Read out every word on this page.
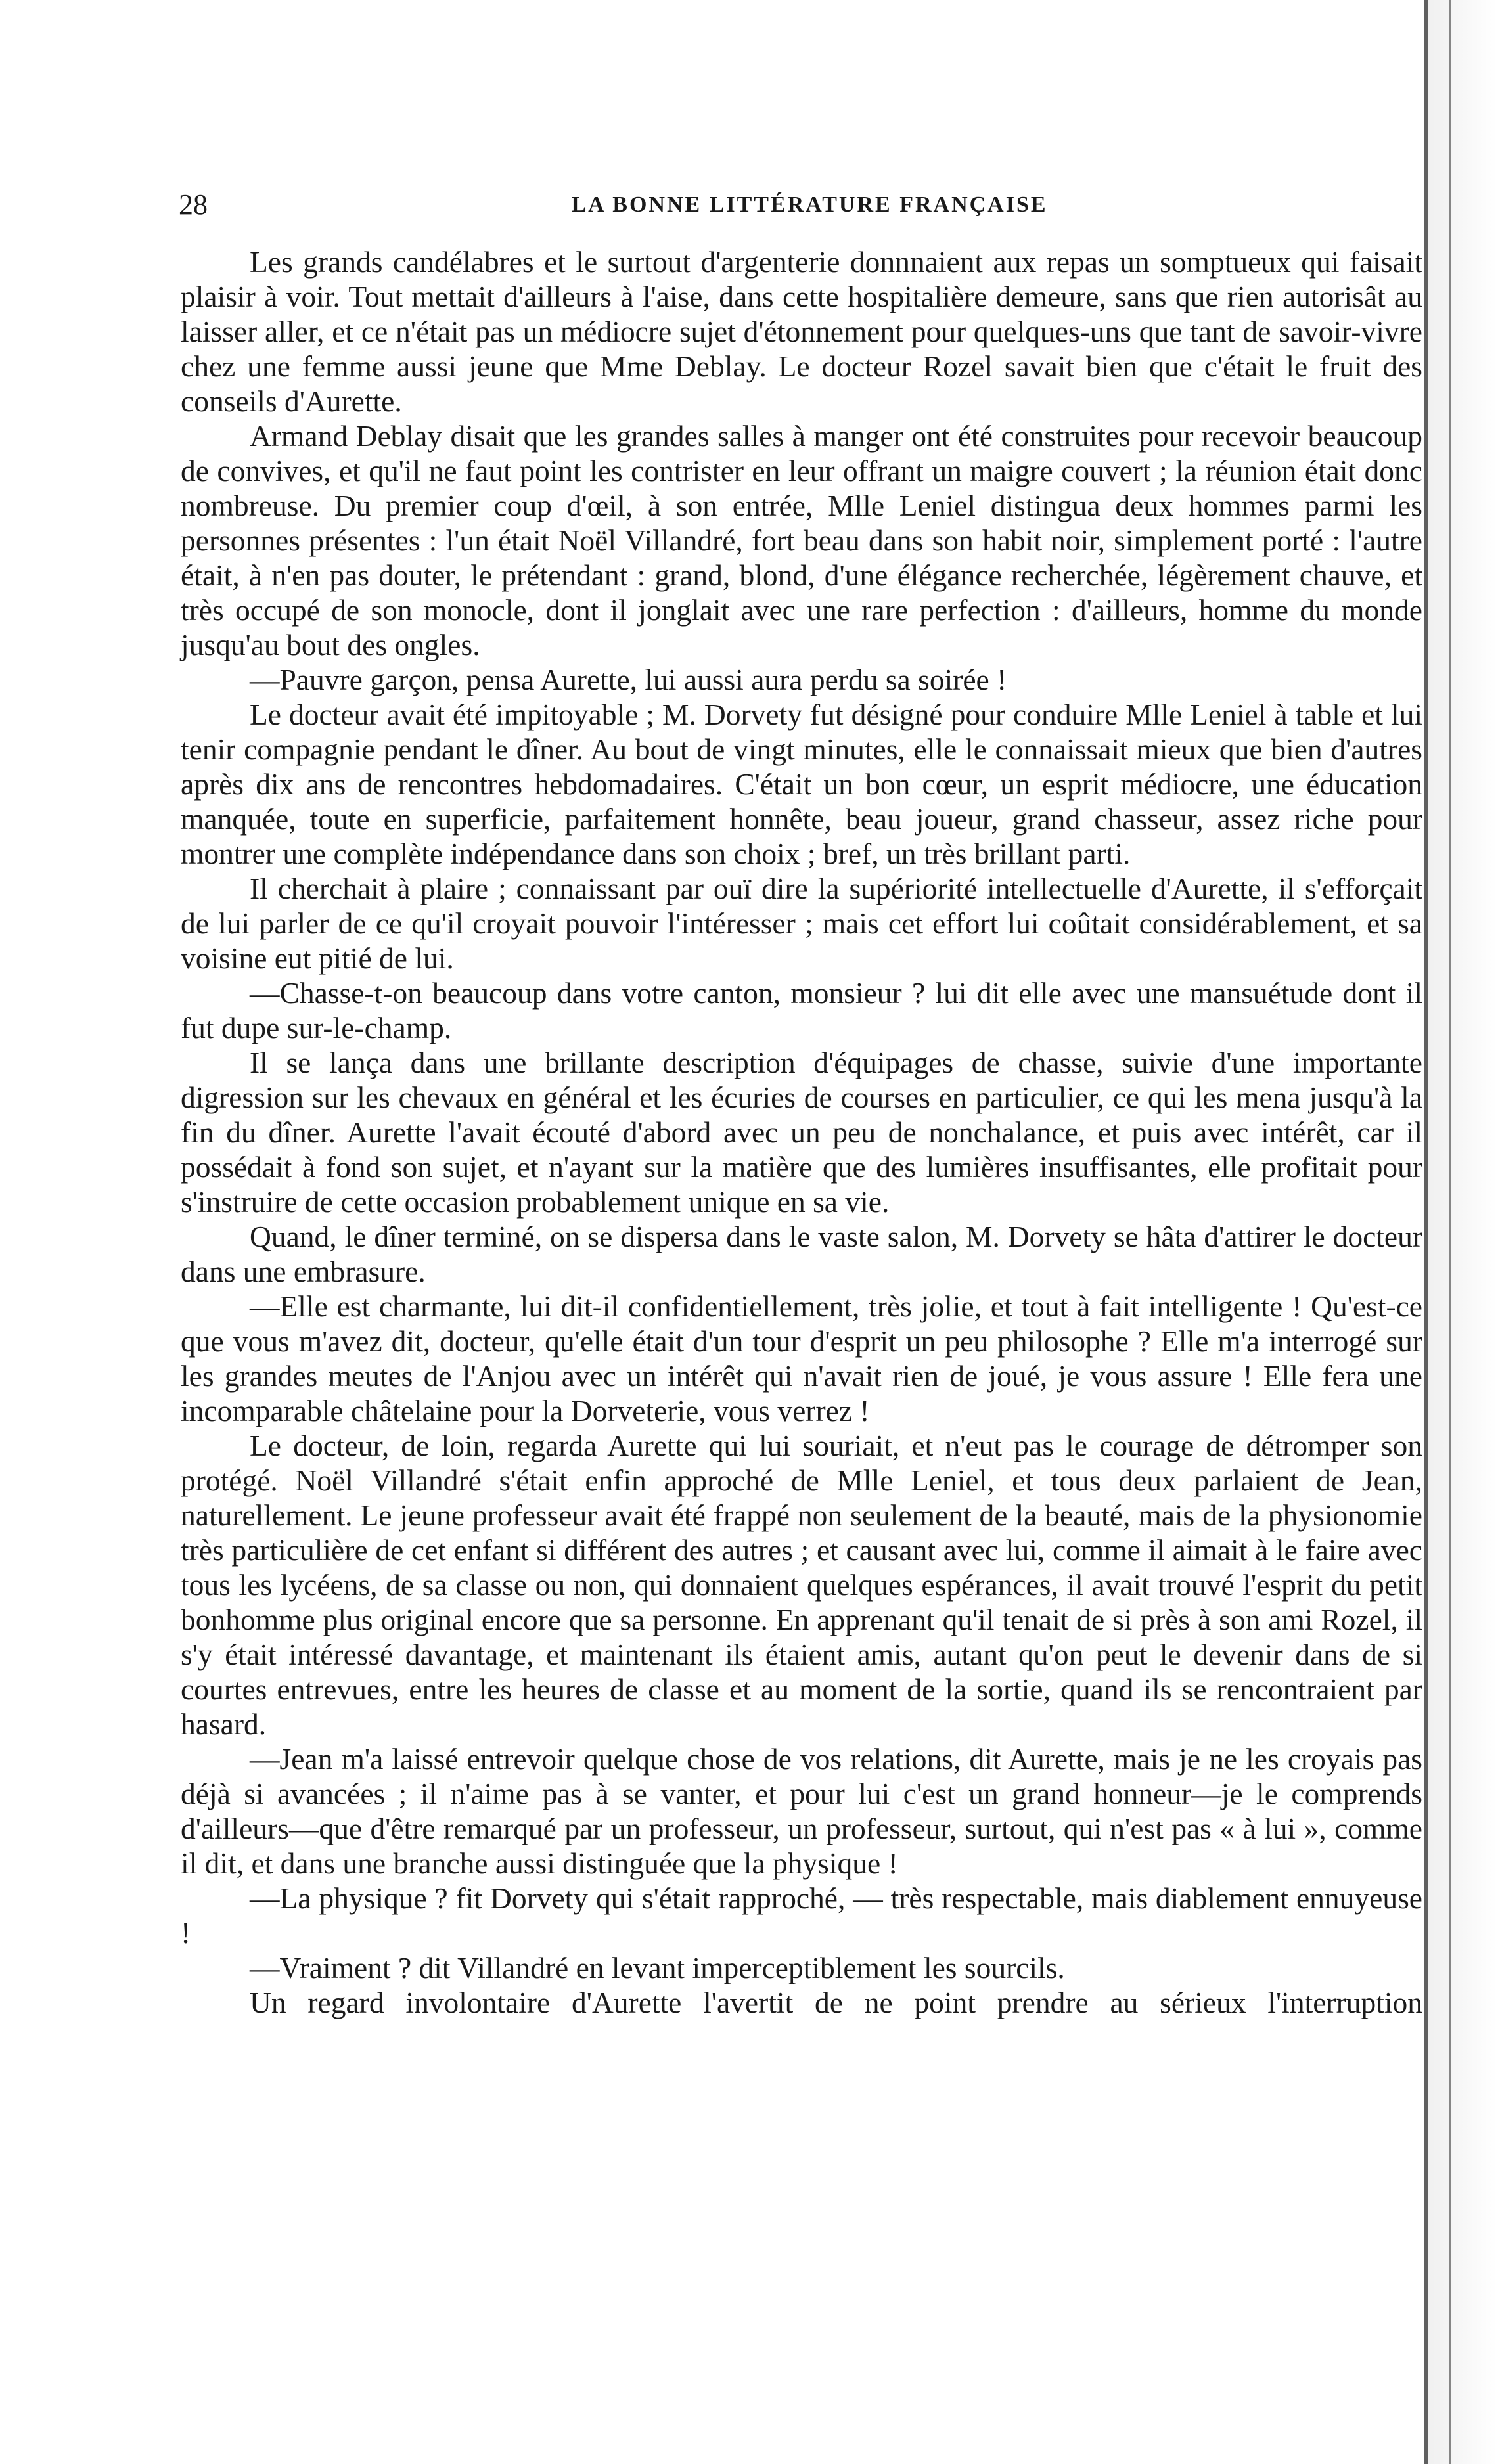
28	LA BONNE LITTÉRATURE FRANÇAISE

Les grands candélabres et le surtout d'argenterie donnnaient aux repas un somptueux qui faisait plaisir à voir. Tout mettait d'ailleurs à l'aise, dans cette hospitalière demeure, sans que rien autorisât au laisser aller, et ce n'était pas un médiocre sujet d'étonnement pour quelques-uns que tant de savoir-vivre chez une femme aussi jeune que Mme Deblay. Le docteur Rozel savait bien que c'était le fruit des conseils d'Aurette.

Armand Deblay disait que les grandes salles à manger ont été construites pour recevoir beaucoup de convives, et qu'il ne faut point les contrister en leur offrant un maigre couvert ; la réunion était donc nombreuse. Du premier coup d'œil, à son entrée, Mlle Leniel distingua deux hommes parmi les personnes présentes : l'un était Noël Villandré, fort beau dans son habit noir, simplement porté : l'autre était, à n'en pas douter, le prétendant : grand, blond, d'une élégance recherchée, légèrement chauve, et très occupé de son monocle, dont il jonglait avec une rare perfection : d'ailleurs, homme du monde jusqu'au bout des ongles.

—Pauvre garçon, pensa Aurette, lui aussi aura perdu sa soirée !

Le docteur avait été impitoyable ; M. Dorvety fut désigné pour conduire Mlle Leniel à table et lui tenir compagnie pendant le dîner. Au bout de vingt minutes, elle le connaissait mieux que bien d'autres après dix ans de rencontres hebdomadaires. C'était un bon cœur, un esprit médiocre, une éducation manquée, toute en superficie, parfaitement honnête, beau joueur, grand chasseur, assez riche pour montrer une complète indépendance dans son choix ; bref, un très brillant parti.

Il cherchait à plaire ; connaissant par ouï dire la supériorité intellectuelle d'Aurette, il s'efforçait de lui parler de ce qu'il croyait pouvoir l'intéresser ; mais cet effort lui coûtait considérablement, et sa voisine eut pitié de lui.

—Chasse-t-on beaucoup dans votre canton, monsieur ? lui dit elle avec une mansuétude dont il fut dupe sur-le-champ.

Il se lança dans une brillante description d'équipages de chasse, suivie d'une importante digression sur les chevaux en général et les écuries de courses en particulier, ce qui les mena jusqu'à la fin du dîner. Aurette l'avait écouté d'abord avec un peu de nonchalance, et puis avec intérêt, car il possédait à fond son sujet, et n'ayant sur la matière que des lumières insuffisantes, elle profitait pour s'instruire de cette occasion probablement unique en sa vie.

Quand, le dîner terminé, on se dispersa dans le vaste salon, M. Dorvety se hâta d'attirer le docteur dans une embrasure.

—Elle est charmante, lui dit-il confidentiellement, très jolie, et tout à fait intelligente ! Qu'est-ce que vous m'avez dit, docteur, qu'elle était d'un tour d'esprit un peu philosophe ? Elle m'a interrogé sur les grandes meutes de l'Anjou avec un intérêt qui n'avait rien de joué, je vous assure ! Elle fera une incomparable châtelaine pour la Dorveterie, vous verrez !

Le docteur, de loin, regarda Aurette qui lui souriait, et n'eut pas le courage de détromper son protégé. Noël Villandré s'était enfin approché de Mlle Leniel, et tous deux parlaient de Jean, naturellement. Le jeune professeur avait été frappé non seulement de la beauté, mais de la physionomie très particulière de cet enfant si différent des autres ; et causant avec lui, comme il aimait à le faire avec tous les lycéens, de sa classe ou non, qui donnaient quelques espérances, il avait trouvé l'esprit du petit bonhomme plus original encore que sa personne. En apprenant qu'il tenait de si près à son ami Rozel, il s'y était intéressé davantage, et maintenant ils étaient amis, autant qu'on peut le devenir dans de si courtes entrevues, entre les heures de classe et au moment de la sortie, quand ils se rencontraient par hasard.

—Jean m'a laissé entrevoir quelque chose de vos relations, dit Aurette, mais je ne les croyais pas déjà si avancées ; il n'aime pas à se vanter, et pour lui c'est un grand honneur—je le comprends d'ailleurs—que d'être remarqué par un professeur, un professeur, surtout, qui n'est pas « à lui », comme il dit, et dans une branche aussi distinguée que la physique !

—La physique ? fit Dorvety qui s'était rapproché, — très respectable, mais diablement ennuyeuse !

—Vraiment ? dit Villandré en levant imperceptiblement les sourcils.

Un regard involontaire d'Aurette l'avertit de ne point prendre au sérieux l'interruption
